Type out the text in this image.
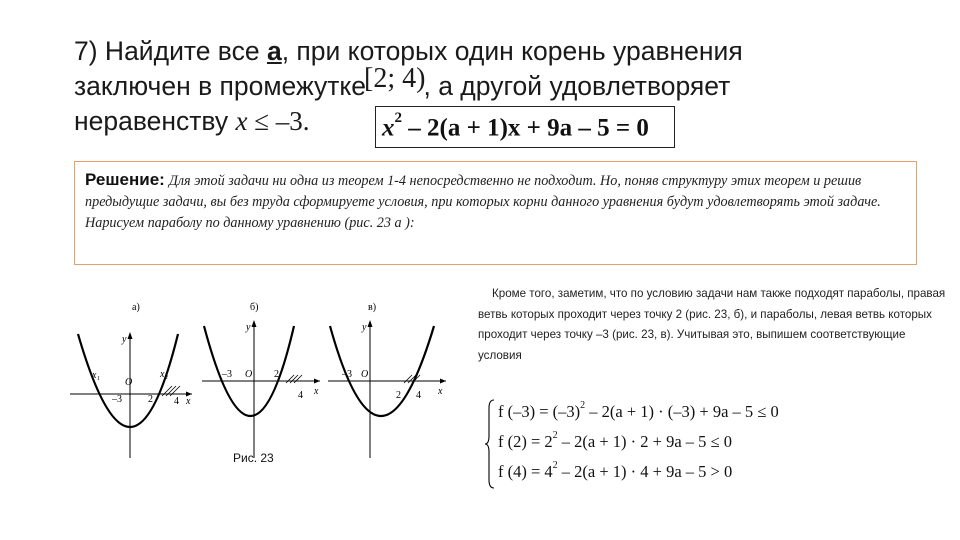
7) Найдите все а, при которых один корень уравнения
заключен в промежутке[2; 4), а другой удовлетворяет
неравенству x ≤ –3.	$x^2 - 2(a + 1)x + 9a - 5 = 0$
Решение: Для этой задачи ни одна из теорем 1-4 непосредственно не подходит. Но, поняв структуру этих теорем и решив предыдущие задачи, вы без труда сформируете условия, при которых корни данного уравнения будут удовлетворять этой задаче. Нарисуем параболу по данному уравнению (рис. 23 а ):
а)
y
x₁
O
x₂
–3	2 4 x
б)
y
–3 O 2
4 x
в)
y
–3 O
2 4 x
Рис. 23

Кроме того, заметим, что по условию задачи нам также подходят параболы, правая ветвь которых проходит через точку 2 (рис. 23, б), и параболы, левая ветвь которых проходит через точку –3 (рис. 23, в). Учитывая это, выпишем соответствующие условия

f $(-3) = (-3)^2 - 2(a + 1) \cdot (-3) + 9a - 5 \le 0$
f $(2) = 2^2 - 2(a + 1) \cdot 2 + 9a - 5 \le 0$
f $(4) = 4^2 - 2(a + 1) \cdot 4 + 9a - 5 > 0$
